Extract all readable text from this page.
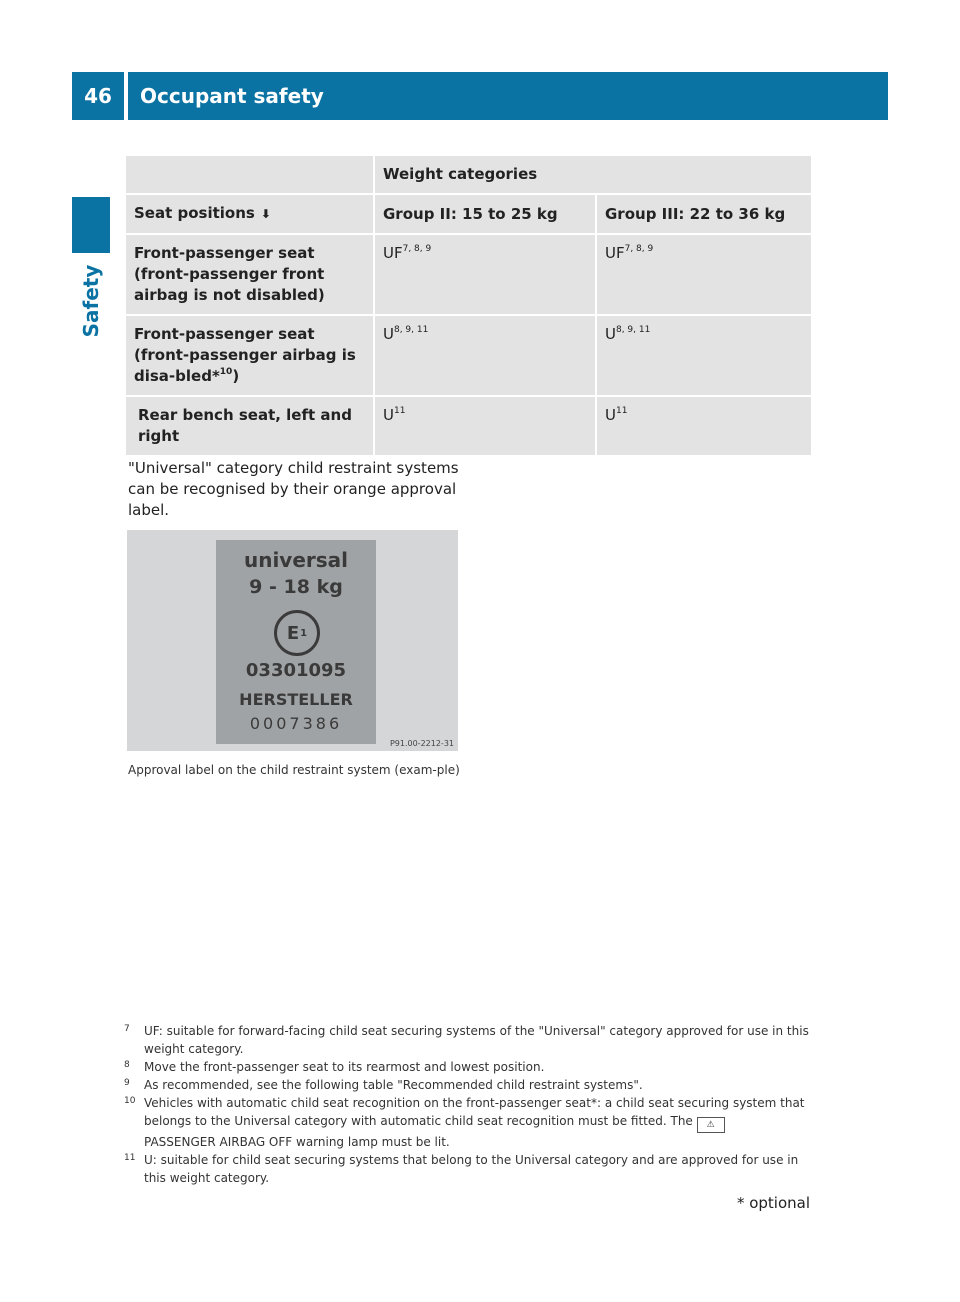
46	Occupant safety
Safety
	Weight categories	
Seat positions ⬇	Group II: 15 to 25 kg	Group III: 22 to 36 kg
Front-passenger seat (front-passenger front airbag is not disabled)	UF$^{7, 8, 9}$	UF$^{7, 8, 9}$
Front-passenger seat (front-passenger airbag is disa-bled*$^{10}$)	U$^{8, 9, 11}$	U$^{8, 9, 11}$
Rear bench seat, left and right	$U^{11}$	$U^{11}$
"Universal" category child restraint systems can be recognised by their orange approval label.
universal
9 - 18 kg
E 1
03301095
HERSTELLER
0007386
P91.00-2212-31
Approval label on the child restraint system (exam-ple)
7 UF: suitable for forward-facing child seat securing systems of the "Universal" category approved for use in this weight category.
8 Move the front-passenger seat to its rearmost and lowest position.
9 As recommended, see the following table "Recommended child restraint systems".
10 Vehicles with automatic child seat recognition on the front-passenger seat*: a child seat securing system that belongs to the Universal category with automatic child seat recognition must be fitted. The ⚠
PASSENGER AIRBAG OFF warning lamp must be lit.
11 U: suitable for child seat securing systems that belong to the Universal category and are approved for use in this weight category.
* optional
